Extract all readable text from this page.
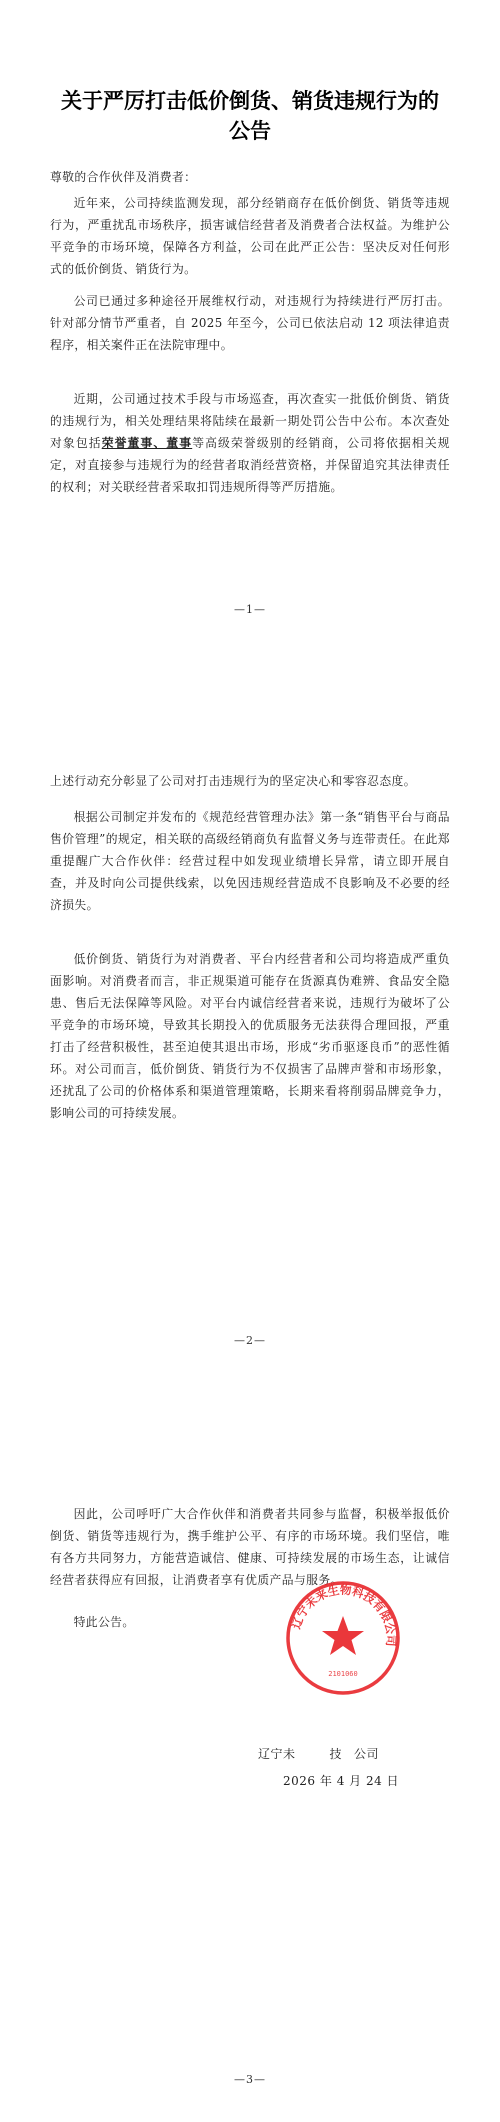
关于严厉打击低价倒货、销货违规行为的
公告

尊敬的合作伙伴及消费者：

近年来，公司持续监测发现，部分经销商存在低价倒货、销货等违规行为，严重扰乱市场秩序，损害诚信经营者及消费者合法权益。为维护公平竞争的市场环境，保障各方利益，公司在此严正公告：坚决反对任何形式的低价倒货、销货行为。

公司已通过多种途径开展维权行动，对违规行为持续进行严厉打击。针对部分情节严重者，自 2025 年至今，公司已依法启动 12 项法律追责程序，相关案件正在法院审理中。

近期，公司通过技术手段与市场巡查，再次查实一批低价倒货、销货的违规行为，相关处理结果将陆续在最新一期处罚公告中公布。本次查处对象包括荣誉董事、董事等高级荣誉级别的经销商，公司将依据相关规定，对直接参与违规行为的经营者取消经营资格，并保留追究其法律责任的权利；对关联经营者采取扣罚违规所得等严厉措施。

—1—

上述行动充分彰显了公司对打击违规行为的坚定决心和零容忍态度。

根据公司制定并发布的《规范经营管理办法》第一条“销售平台与商品售价管理”的规定，相关联的高级经销商负有监督义务与连带责任。在此郑重提醒广大合作伙伴：经营过程中如发现业绩增长异常，请立即开展自查，并及时向公司提供线索，以免因违规经营造成不良影响及不必要的经济损失。

低价倒货、销货行为对消费者、平台内经营者和公司均将造成严重负面影响。对消费者而言，非正规渠道可能存在货源真伪难辨、食品安全隐患、售后无法保障等风险。对平台内诚信经营者来说，违规行为破坏了公平竞争的市场环境，导致其长期投入的优质服务无法获得合理回报，严重打击了经营积极性，甚至迫使其退出市场，形成“劣币驱逐良币”的恶性循环。对公司而言，低价倒货、销货行为不仅损害了品牌声誉和市场形象，还扰乱了公司的价格体系和渠道管理策略，长期来看将削弱品牌竞争力，影响公司的可持续发展。

—2—

因此，公司呼吁广大合作伙伴和消费者共同参与监督，积极举报低价倒货、销货等违规行为，携手维护公平、有序的市场环境。我们坚信，唯有各方共同努力，方能营造诚信、健康、可持续发展的市场生态，让诚信经营者获得应有回报，让消费者享有优质产品与服务。

特此公告。

辽宁未	技 公司
2026 年 4 月 24 日
辽宁未来生物科技有限公司
2101060
—3—
